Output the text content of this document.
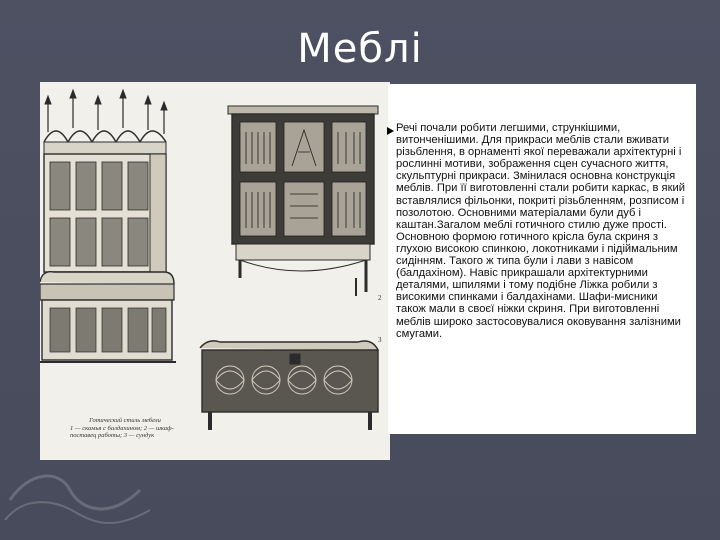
Меблі
2
3
Готический стиль мебели
1 — скамья с балдахином; 2 — шкаф-поставец работы; 3 — сундук

Речі почали робити легшими, стрункішими, витонченішими. Для прикраси меблів стали вживати різьблення, в орнаменті якої переважали архітектурні і рослинні мотиви, зображення сцен сучасного життя, скульптурні прикраси. Змінилася основна конструкція меблів. При її виготовленні стали робити каркас, в який вставлялися фільонки, покриті різьбленням, розписом і позолотою. Основними матеріалами були дуб і каштан.Загалом меблі готичного стилю дуже прості. Основною формою готичного крісла була скриня з глухою високою спинкою, локотниками і підіймальним сидінням. Такого ж типа були і лави з навісом (балдахіном). Навіс прикрашали архітектурними деталями, шпилями і тому подібне Ліжка робили з високими спинками і балдахінами. Шафи-мисники також мали в своєї ніжки скриня. При виготовленні меблів широко застосовувалися оковування залізними смугами.
